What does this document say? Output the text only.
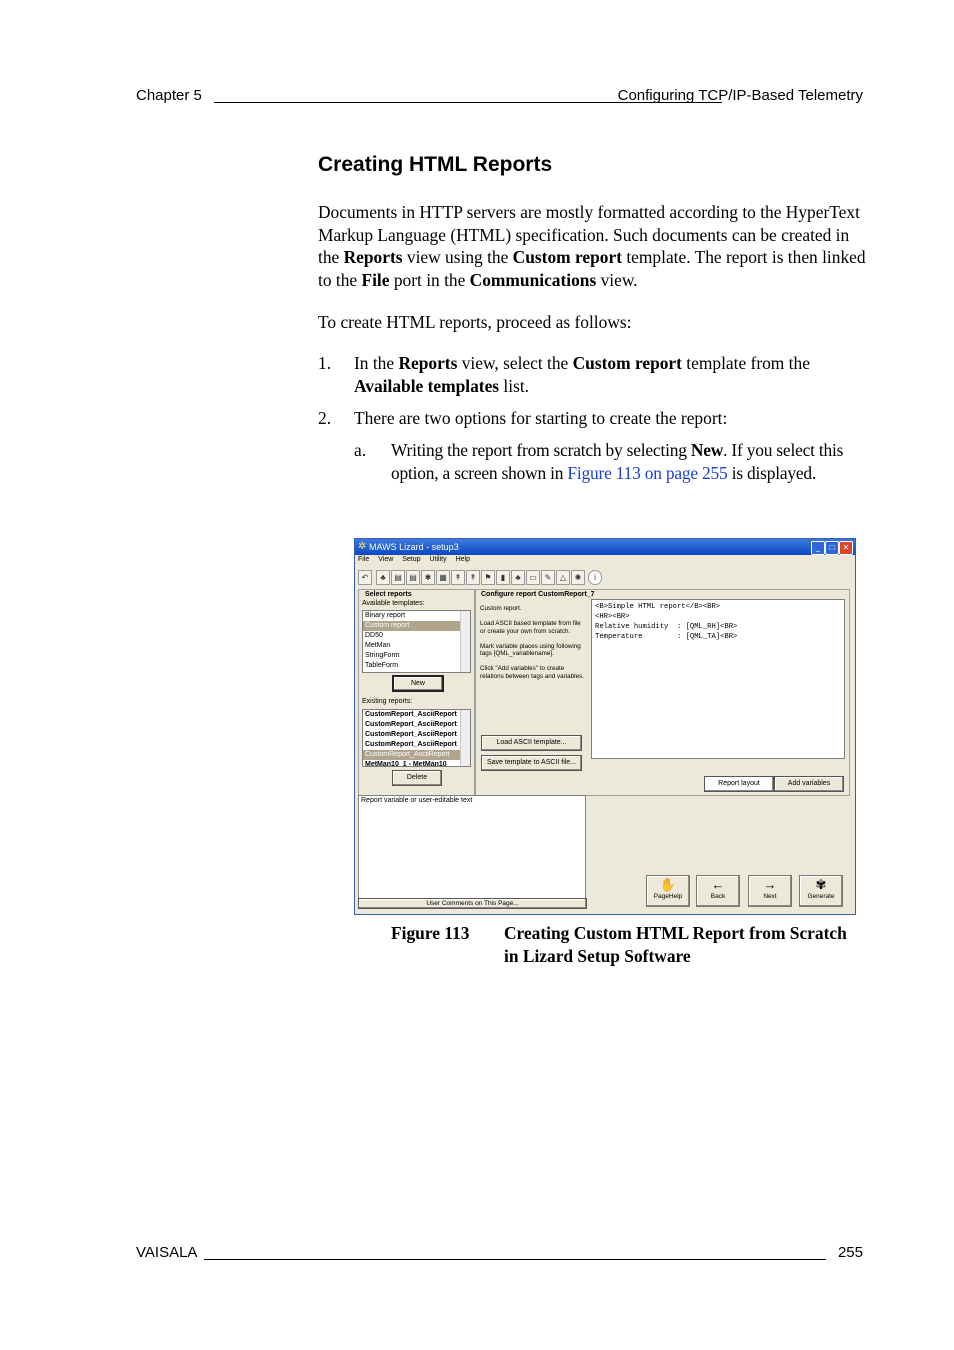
Chapter 5	Configuring TCP/IP-Based Telemetry
Creating HTML Reports
Documents in HTTP servers are mostly formatted according to the HyperText Markup Language (HTML) specification. Such documents can be created in the Reports view using the Custom report template. The report is then linked to the File port in the Communications view.
To create HTML reports, proceed as follows:
1. In the Reports view, select the Custom report template from the Available templates list.
2. There are two options for starting to create the report:
a. Writing the report from scratch by selecting New. If you select this option, a screen shown in Figure 113 on page 255 is displayed.
✲ MAWS Lizard - setup3	_	□	✕
File View Setup Utility Help
↶	♣	▤ ▤ ✱ ▦ ↟	↟	⚑	▮	♣	▭ ✎	△	✺	i
Select reports
Available templates:
Binary report
Custom report
DD50
MetMan
StringForm
TableForm
New
Existing reports:
CustomReport_AsciiReport
CustomReport_AsciiReport
CustomReport_AsciiReport
CustomReport_AsciiReport
CustomReport_AsciiReport
MetMan10_1 - MetMan10
Delete
Configure report CustomReport_7
Custom report.

Load ASCII based template from file or create your own from scratch.

Mark variable places using following tags [QML_variablename].

Click "Add variables" to create relations between tags and variables.
Load ASCII template...
Save template to ASCII file...
Report layout	Add variables
<B>Simple HTML report</B><BR>
<HR><BR>
Relative humidity  : [QML_RH]<BR>
Temperature        : [QML_TA]<BR>
Report variable or user-editable text
User Comments on This Page...
✋
PageHelp
←
Back
→
Next
✾
Generate
Figure 113 Creating Custom HTML Report from Scratch in Lizard Setup Software
VAISALA	255
